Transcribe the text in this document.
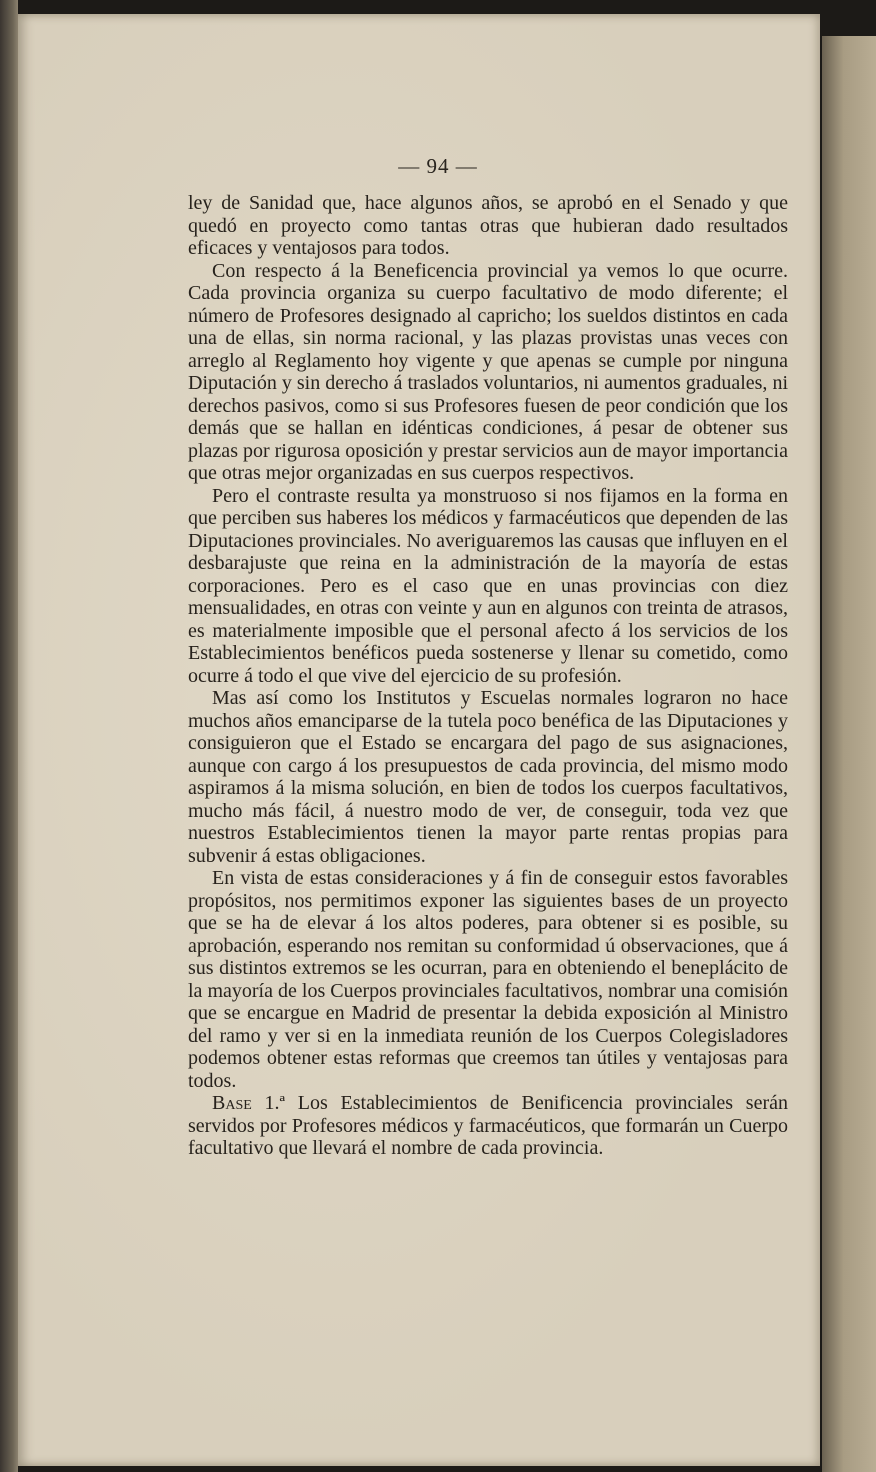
— 94 —

ley de Sanidad que, hace algunos años, se aprobó en el Senado y que quedó en proyecto como tantas otras que hubieran dado resultados eficaces y ventajosos para todos.

Con respecto á la Beneficencia provincial ya vemos lo que ocurre. Cada provincia organiza su cuerpo facultativo de modo diferente; el número de Profesores designado al capricho; los sueldos distintos en cada una de ellas, sin norma racional, y las plazas provistas unas veces con arreglo al Reglamento hoy vigente y que apenas se cumple por ninguna Diputación y sin derecho á traslados voluntarios, ni aumentos graduales, ni derechos pasivos, como si sus Profesores fuesen de peor condición que los demás que se hallan en idénticas condiciones, á pesar de obtener sus plazas por rigurosa oposición y prestar servicios aun de mayor importancia que otras mejor organizadas en sus cuerpos respectivos.

Pero el contraste resulta ya monstruoso si nos fijamos en la forma en que perciben sus haberes los médicos y farmacéuticos que dependen de las Diputaciones provinciales. No averiguaremos las causas que influyen en el desbarajuste que reina en la administración de la mayoría de estas corporaciones. Pero es el caso que en unas provincias con diez mensualidades, en otras con veinte y aun en algunos con treinta de atrasos, es materialmente imposible que el personal afecto á los servicios de los Establecimientos benéficos pueda sostenerse y llenar su cometido, como ocurre á todo el que vive del ejercicio de su profesión.

Mas así como los Institutos y Escuelas normales lograron no hace muchos años emanciparse de la tutela poco benéfica de las Diputaciones y consiguieron que el Estado se encargara del pago de sus asignaciones, aunque con cargo á los presupuestos de cada provincia, del mismo modo aspiramos á la misma solución, en bien de todos los cuerpos facultativos, mucho más fácil, á nuestro modo de ver, de conseguir, toda vez que nuestros Establecimientos tienen la mayor parte rentas propias para subvenir á estas obligaciones.

En vista de estas consideraciones y á fin de conseguir estos favorables propósitos, nos permitimos exponer las siguientes bases de un proyecto que se ha de elevar á los altos poderes, para obtener si es posible, su aprobación, esperando nos remitan su conformidad ú observaciones, que á sus distintos extremos se les ocurran, para en obteniendo el beneplácito de la mayoría de los Cuerpos provinciales facultativos, nombrar una comisión que se encargue en Madrid de presentar la debida exposición al Ministro del ramo y ver si en la inmediata reunión de los Cuerpos Colegisladores podemos obtener estas reformas que creemos tan útiles y ventajosas para todos.

Base 1.ª Los Establecimientos de Benificencia provinciales serán servidos por Profesores médicos y farmacéuticos, que formarán un Cuerpo facultativo que llevará el nombre de cada provincia.
